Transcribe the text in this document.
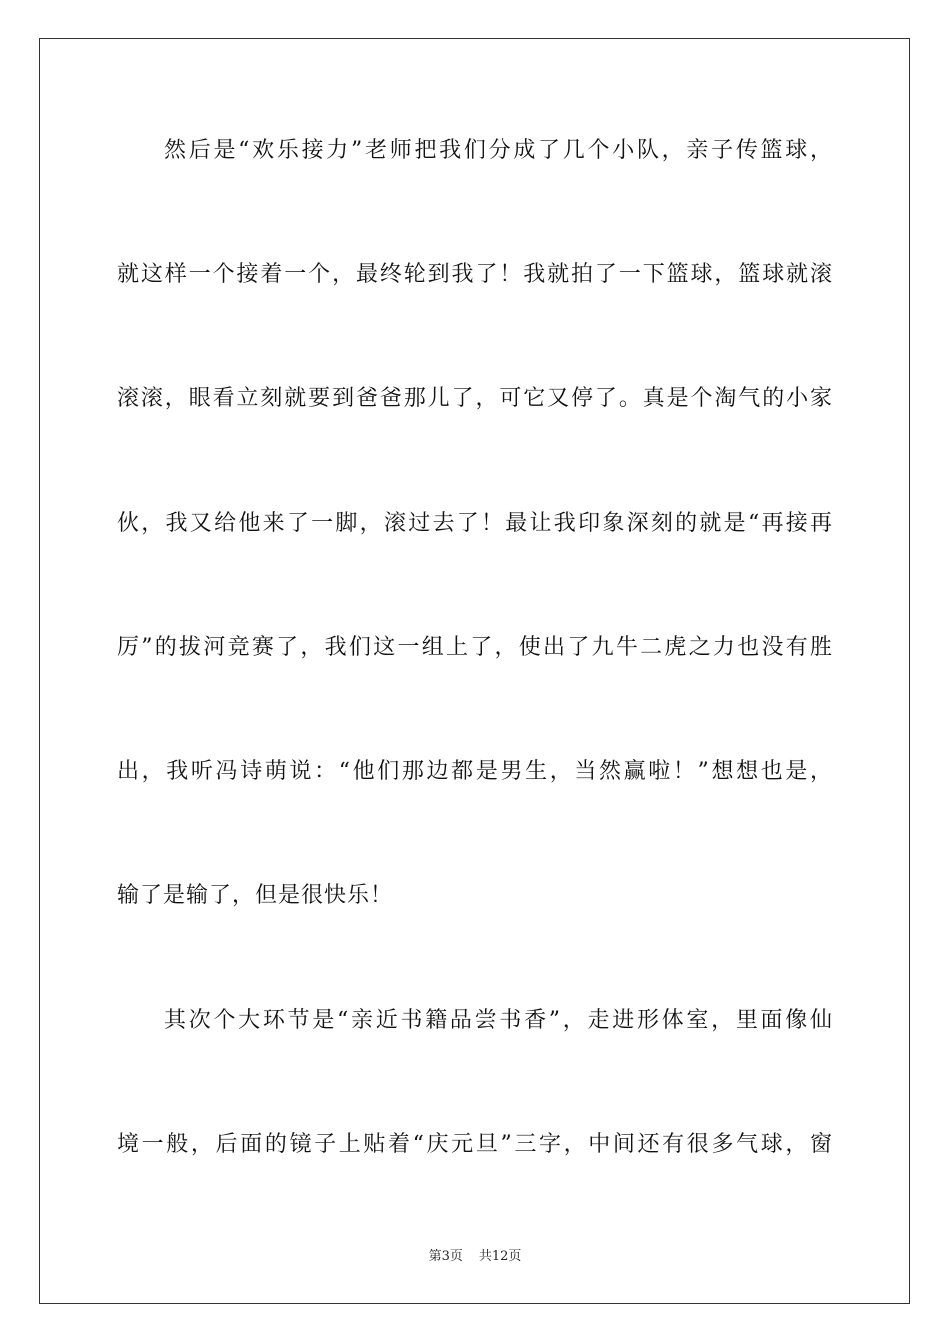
然后是“欢乐接力”老师把我们分成了几个小队，亲子传篮球，
就这样一个接着一个，最终轮到我了！我就拍了一下篮球，篮球就滚
滚滚，眼看立刻就要到爸爸那儿了，可它又停了。真是个淘气的小家
伙，我又给他来了一脚，滚过去了！最让我印象深刻的就是“再接再
厉”的拔河竞赛了，我们这一组上了，使出了九牛二虎之力也没有胜
出，我听冯诗萌说：“他们那边都是男生，当然赢啦！”想想也是，
输了是输了，但是很快乐！
其次个大环节是“亲近书籍品尝书香”，走进形体室，里面像仙
境一般，后面的镜子上贴着“庆元旦”三字，中间还有很多气球，窗
第3页 共12页
